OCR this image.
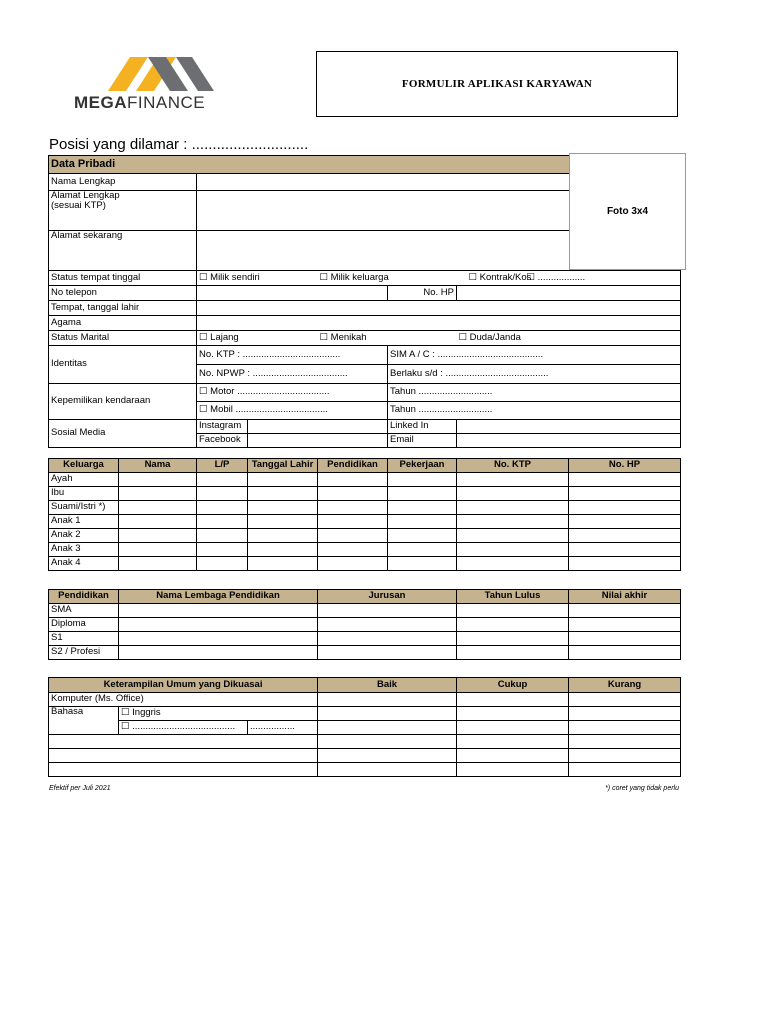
MEGAFINANCE
FORMULIR APLIKASI KARYAWAN
Posisi yang dilamar : ............................
Foto 3x4
Data Pribadi						
Nama Lengkap						
Alamat Lengkap
(sesuai KTP)						
Alamat sekarang						
Status tempat tinggal	☐ Milik sendiri		☐ Milik keluarga		☐ Kontrak/Kos	☐ ..................
No telepon				No. HP		
Tempat, tanggal lahir						
Agama						
Status Marital	☐ Lajang		☐ Menikah		☐ Duda/Janda	
Identitas	No. KTP : .....................................			SIM A / C : ........................................		
	No. NPWP : ....................................			Berlaku s/d : .......................................		
Kepemilikan kendaraan	☐ Motor ...................................			Tahun ............................		
	☐ Mobil ...................................			Tahun ............................		
Sosial Media	Instagram			Linked In		
	Facebook			Email		
Keluarga	Nama	L/P	Tanggal Lahir	Pendidikan	Pekerjaan	No. KTP	No. HP
Ayah							
Ibu							
Suami/Istri *)							
Anak 1							
Anak 2							
Anak 3							
Anak 4							
Pendidikan	Nama Lembaga Pendidikan	Jurusan	Tahun Lulus	Nilai akhir
SMA				
Diploma				
S1				
S2 / Profesi				
Keterampilan Umum yang Dikuasai				Baik	Cukup	Kurang
Komputer (Ms. Office)						
Bahasa	☐ Inggris					
	☐ .......................................		.................			

Efektif per Juli 2021	*) coret yang tidak perlu
